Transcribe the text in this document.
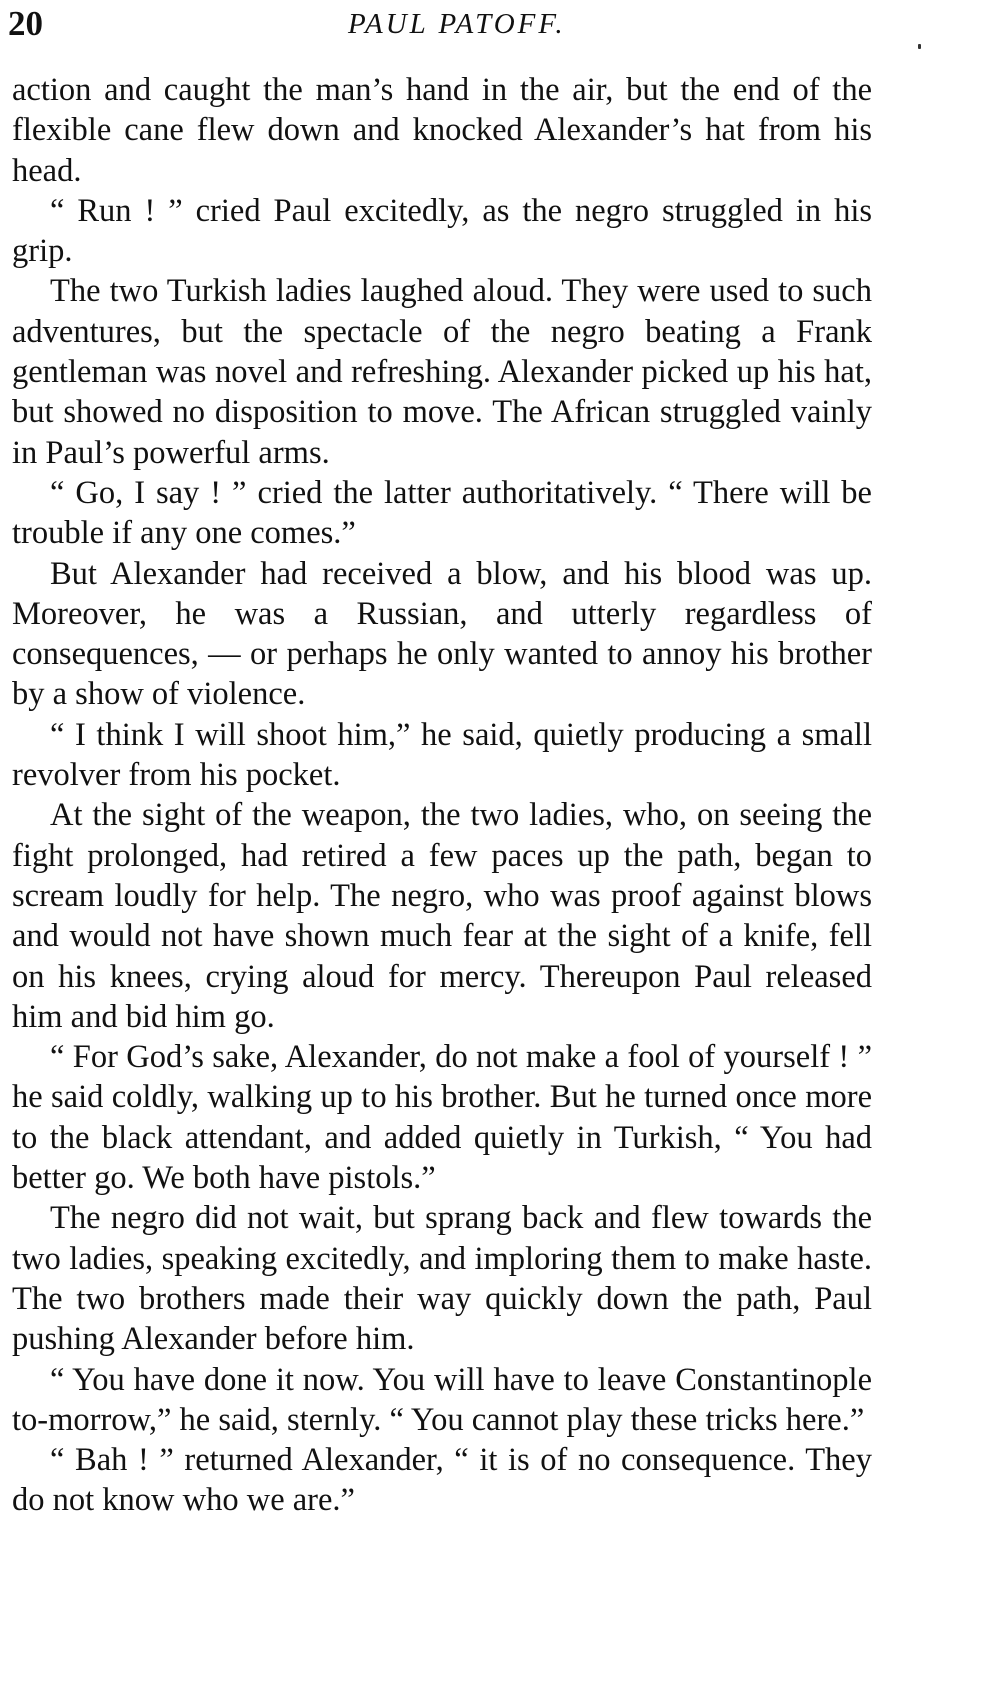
20	PAUL PATOFF.

action and caught the man’s hand in the air, but the end of the flexible cane flew down and knocked Alexander’s hat from his head.

“ Run ! ” cried Paul excitedly, as the negro struggled in his grip.

The two Turkish ladies laughed aloud. They were used to such adventures, but the spectacle of the negro beating a Frank gentleman was novel and refreshing. Alexander picked up his hat, but showed no disposition to move. The African struggled vainly in Paul’s powerful arms.

“ Go, I say ! ” cried the latter authoritatively. “ There will be trouble if any one comes.”

But Alexander had received a blow, and his blood was up. Moreover, he was a Russian, and utterly regardless of consequences, — or perhaps he only wanted to annoy his brother by a show of violence.

“ I think I will shoot him,” he said, quietly producing a small revolver from his pocket.

At the sight of the weapon, the two ladies, who, on seeing the fight prolonged, had retired a few paces up the path, began to scream loudly for help. The negro, who was proof against blows and would not have shown much fear at the sight of a knife, fell on his knees, crying aloud for mercy. Thereupon Paul released him and bid him go.

“ For God’s sake, Alexander, do not make a fool of yourself ! ” he said coldly, walking up to his brother. But he turned once more to the black attendant, and added quietly in Turkish, “ You had better go. We both have pistols.”

The negro did not wait, but sprang back and flew towards the two ladies, speaking excitedly, and imploring them to make haste. The two brothers made their way quickly down the path, Paul pushing Alexander before him.

“ You have done it now. You will have to leave Constantinople to-morrow,” he said, sternly. “ You cannot play these tricks here.”

“ Bah ! ” returned Alexander, “ it is of no consequence. They do not know who we are.”
